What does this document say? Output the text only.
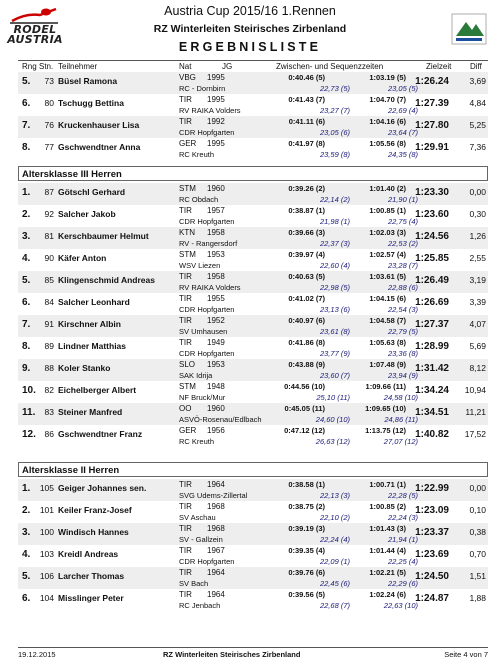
RODEL
AUSTRIA
Austria Cup 2015/16 1.Rennen
RZ Winterleiten Steirisches Zirbenland
ERGEBNISLISTE
Rng Stn. Teilnehmer	Nat	JG	Zwischen- und Sequenzzeiten	Zielzeit Diff
5.	73 Büsel Ramona	VBG 1995
RC - Dornbirn
0:40.46 (5)	1:03.19 (5)
22,73 (5)	23,05 (5)
1:26.24	3,69
6.	80 Tschugg Bettina	TIR 1995
RV RAIKA Volders
0:41.43 (7)	1:04.70 (7)
23,27 (7)	22,69 (4)
1:27.39	4,84
7.	76 Kruckenhauser Lisa	TIR 1992
CDR Hopfgarten
0:41.11 (6)	1:04.16 (6)
23,05 (6)	23,64 (7)
1:27.80	5,25
8.	77 Gschwendtner Anna	GER 1995
RC Kreuth
0:41.97 (8)	1:05.56 (8)
23,59 (8)	24,35 (8)
1:29.91	7,36
Altersklasse III Herren
1.	87 Götschl Gerhard	STM 1960
RC Obdach
0:39.26 (2)	1:01.40 (2)
22,14 (2)	21,90 (1)
1:23.30	0,00
2.	92 Salcher Jakob	TIR 1957
CDR Hopfgarten
0:38.87 (1)	1:00.85 (1)
21,98 (1)	22,75 (4)
1:23.60	0,30
3.	81 Kerschbaumer Helmut	KTN 1958
RV - Rangersdorf
0:39.66 (3)	1:02.03 (3)
22,37 (3)	22,53 (2)
1:24.56	1,26
4.	90 Käfer Anton	STM 1953
WSV Liezen
0:39.97 (4)	1:02.57 (4)
22,60 (4)	23,28 (7)
1:25.85	2,55
5.	85 Klingenschmid Andreas	TIR 1958
RV RAIKA Volders
0:40.63 (5)	1:03.61 (5)
22,98 (5)	22,88 (6)
1:26.49	3,19
6.	84 Salcher Leonhard	TIR 1955
CDR Hopfgarten
0:41.02 (7)	1:04.15 (6)
23,13 (6)	22,54 (3)
1:26.69	3,39
7.	91 Kirschner Albin	TIR 1952
SV Umhausen
0:40.97 (6)	1:04.58 (7)
23,61 (8)	22,79 (5)
1:27.37	4,07
8.	89 Lindner Matthias	TIR 1949
CDR Hopfgarten
0:41.86 (8)	1:05.63 (8)
23,77 (9)	23,36 (8)
1:28.99	5,69
9.	88 Koler Stanko	SLO 1953
SAK Idrija
0:43.88 (9)	1:07.48 (9)
23,60 (7)	23,94 (9)
1:31.42	8,12
10.	82 Eichelberger Albert	STM 1948
NF Bruck/Mur
0:44.56 (10)	1:09.66 (11)
25,10 (11)	24,58 (10)
1:34.24	10,94
11.	83 Steiner Manfred	OO 1960
ASVÖ-Rosenau/Edlbach
0:45.05 (11)	1:09.65 (10)
24,60 (10)	24,86 (11)
1:34.51	11,21
12.	86 Gschwendtner Franz	GER 1956
RC Kreuth
0:47.12 (12)	1:13.75 (12)
26,63 (12)	27,07 (12)
1:40.82	17,52
Altersklasse II Herren
1.	105 Geiger Johannes sen.	TIR 1964
SVG Udems-Zillertal
0:38.58 (1)	1:00.71 (1)
22,13 (3)	22,28 (5)
1:22.99	0,00
2.	101 Keiler Franz-Josef	TIR 1968
SV Aschau
0:38.75 (2)	1:00.85 (2)
22,10 (2)	22,24 (3)
1:23.09	0,10
3.	100 Windisch Hannes	TIR 1968
SV - Gallzein
0:39.19 (3)	1:01.43 (3)
22,24 (4)	21,94 (1)
1:23.37	0,38
4.	103 Kreidl Andreas	TIR 1967
CDR Hopfgarten
0:39.35 (4)	1:01.44 (4)
22,09 (1)	22,25 (4)
1:23.69	0,70
5.	106 Larcher Thomas	TIR 1964
SV Bach
0:39.76 (6)	1:02.21 (5)
22,45 (6)	22,29 (6)
1:24.50	1,51
6.	104 Misslinger Peter	TIR 1964
RC Jenbach
0:39.56 (5)	1:02.24 (6)
22,68 (7)	22,63 (10)
1:24.87	1,88
19.12.2015	RZ Winterleiten Steirisches Zirbenland	Seite 4 von 7
